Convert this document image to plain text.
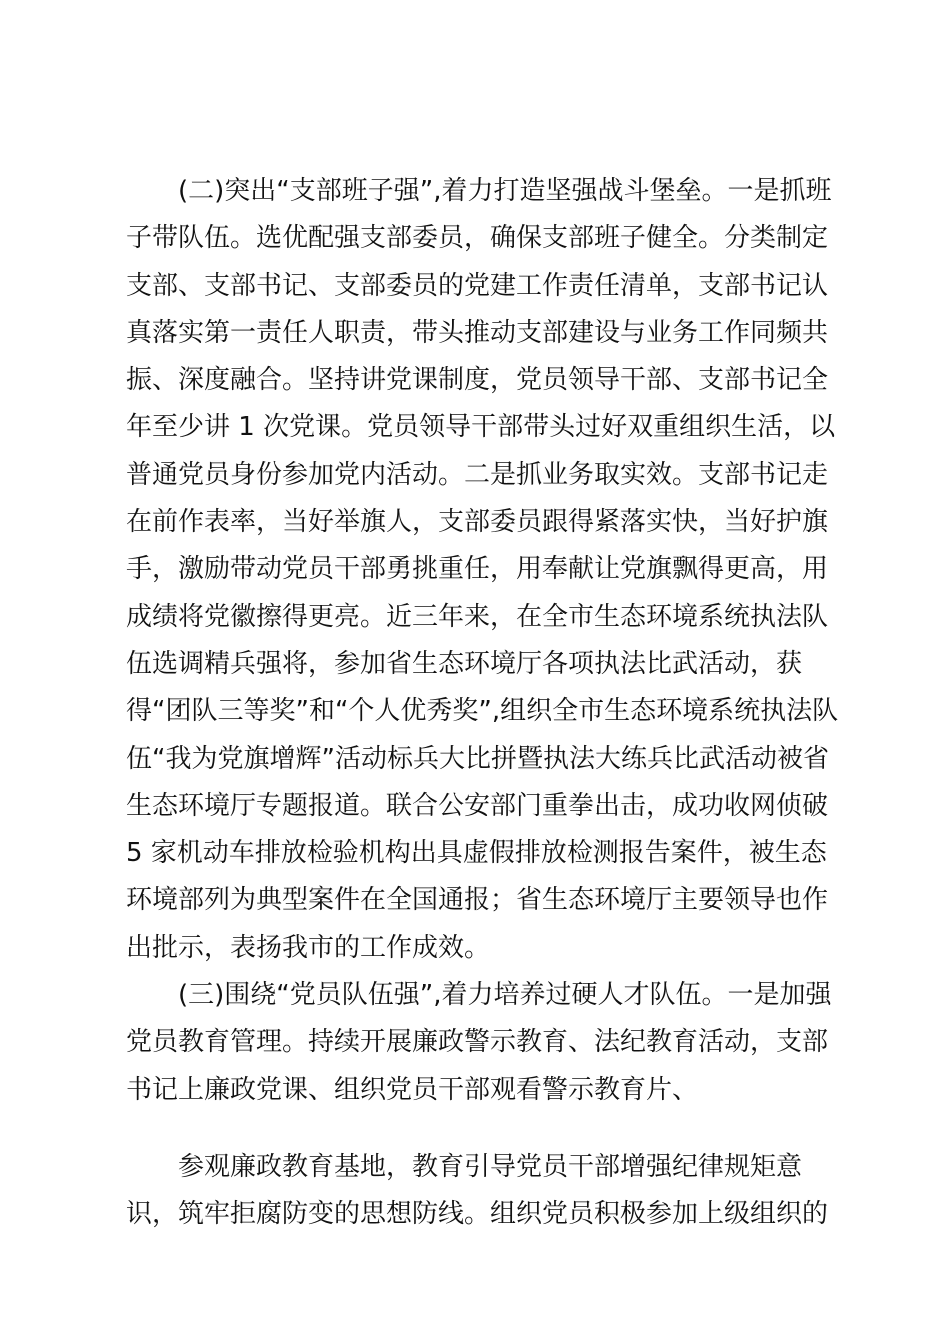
　　(二)突出“支部班子强”,着力打造坚强战斗堡垒。一是抓班
子带队伍。选优配强支部委员，确保支部班子健全。分类制定
支部、支部书记、支部委员的党建工作责任清单，支部书记认
真落实第一责任人职责，带头推动支部建设与业务工作同频共
振、深度融合。坚持讲党课制度，党员领导干部、支部书记全
年至少讲 1 次党课。党员领导干部带头过好双重组织生活，以
普通党员身份参加党内活动。二是抓业务取实效。支部书记走
在前作表率，当好举旗人，支部委员跟得紧落实快，当好护旗
手，激励带动党员干部勇挑重任，用奉献让党旗飘得更高，用
成绩将党徽擦得更亮。近三年来，在全市生态环境系统执法队
伍选调精兵强将，参加省生态环境厅各项执法比武活动，获
得“团队三等奖”和“个人优秀奖”,组织全市生态环境系统执法队
伍“我为党旗增辉”活动标兵大比拼暨执法大练兵比武活动被省
生态环境厅专题报道。联合公安部门重拳出击，成功收网侦破
5 家机动车排放检验机构出具虚假排放检测报告案件，被生态
环境部列为典型案件在全国通报；省生态环境厅主要领导也作
出批示，表扬我市的工作成效。
　　(三)围绕“党员队伍强”,着力培养过硬人才队伍。一是加强
党员教育管理。持续开展廉政警示教育、法纪教育活动，支部
书记上廉政党课、组织党员干部观看警示教育片、
　　参观廉政教育基地，教育引导党员干部增强纪律规矩意
识，筑牢拒腐防变的思想防线。组织党员积极参加上级组织的
